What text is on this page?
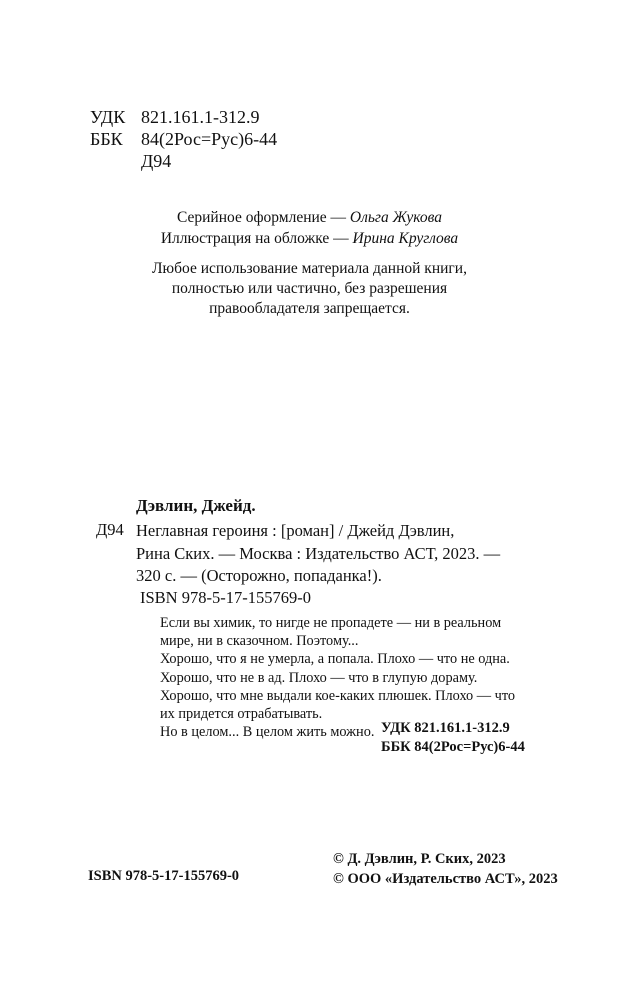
УДК 821.161.1-312.9
ББК 84(2Рос=Рус)6-44
Д94
Серийное оформление — Ольга Жукова
Иллюстрация на обложке — Ирина Круглова
Любое использование материала данной книги,
полностью или частично, без разрешения
правообладателя запрещается.
Дэвлин, Джейд.
Д94 Неглавная героиня : [роман] / Джейд Дэвлин,
Рина Ских. — Москва : Издательство АСТ, 2023. —
320 с. — (Осторожно, попаданка!).
ISBN 978-5-17-155769-0
Если вы химик, то нигде не пропадете — ни в реальном
мире, ни в сказочном. Поэтому...
Хорошо, что я не умерла, а попала. Плохо — что не одна.
Хорошо, что не в ад. Плохо — что в глупую дораму.
Хорошо, что мне выдали кое-каких плюшек. Плохо — что
их придется отрабатывать.
Но в целом... В целом жить можно. УДК 821.161.1-312.9
ББК 84(2Рос=Рус)6-44
ISBN 978-5-17-155769-0
© Д. Дэвлин, Р. Ских, 2023
© ООО «Издательство АСТ», 2023
